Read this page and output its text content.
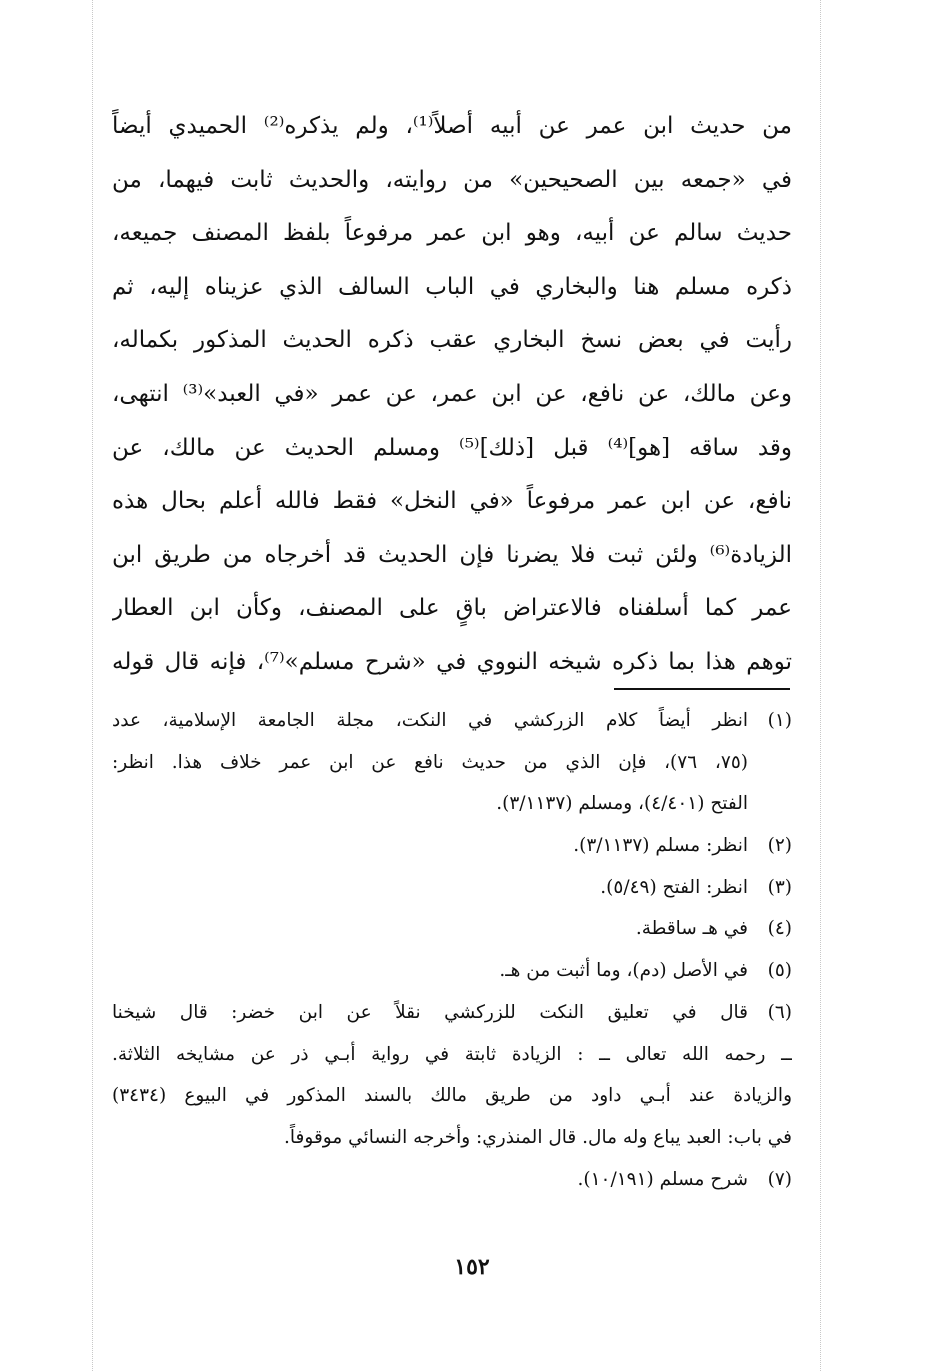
من حديث ابن عمر عن أبيه أصلاً⁽¹⁾، ولم يذكره⁽²⁾ الحميدي أيضاً
في «جمعه بين الصحيحين» من روايته، والحديث ثابت فيهما، من
حديث سالم عن أبيه، وهو ابن عمر مرفوعاً بلفظ المصنف جميعه،
ذكره مسلم هنا والبخاري في الباب السالف الذي عزيناه إليه، ثم
رأيت في بعض نسخ البخاري عقب ذكره الحديث المذكور بكماله،
وعن مالك، عن نافع، عن ابن عمر، عن عمر «في العبد»⁽³⁾ انتهى،
وقد ساقه [هو]⁽⁴⁾ قبل [ذلك]⁽⁵⁾ ومسلم الحديث عن مالك، عن
نافع، عن ابن عمر مرفوعاً «في النخل» فقط فالله أعلم بحال هذه
الزيادة⁽⁶⁾ ولئن ثبت فلا يضرنا فإن الحديث قد أخرجاه من طريق ابن
عمر كما أسلفناه فالاعتراض باقٍ على المصنف، وكأن ابن العطار
توهم هذا بما ذكره شيخه النووي في «شرح مسلم»⁽⁷⁾، فإنه قال قوله
(١)
انظر أيضاً كلام الزركشي في النكت، مجلة الجامعة الإسلامية، عدد
(٧٥، ٧٦)، فإن الذي من حديث نافع عن ابن عمر خلاف هذا. انظر:
الفتح (٤/٤٠١)، ومسلم (٣/١١٣٧).
(٢)
انظر: مسلم (٣/١١٣٧).
(٣)
انظر: الفتح (٥/٤٩).
(٤)
في هـ ساقطة.
(٥)
في الأصل (دم)، وما أثبت من هـ.
(٦)
قال في تعليق النكت للزركشي نقلاً عن ابن خضر: قال شيخنا
ــ رحمه الله تعالى ــ : الزيادة ثابتة في رواية أبـي ذر عن مشايخه الثلاثة.
والزيادة عند أبـي داود من طريق مالك بالسند المذكور في البيوع (٣٤٣٤)
في باب: العبد يباع وله مال. قال المنذري: وأخرجه النسائي موقوفاً.
(٧)
شرح مسلم (١٠/١٩١).
١٥٢
